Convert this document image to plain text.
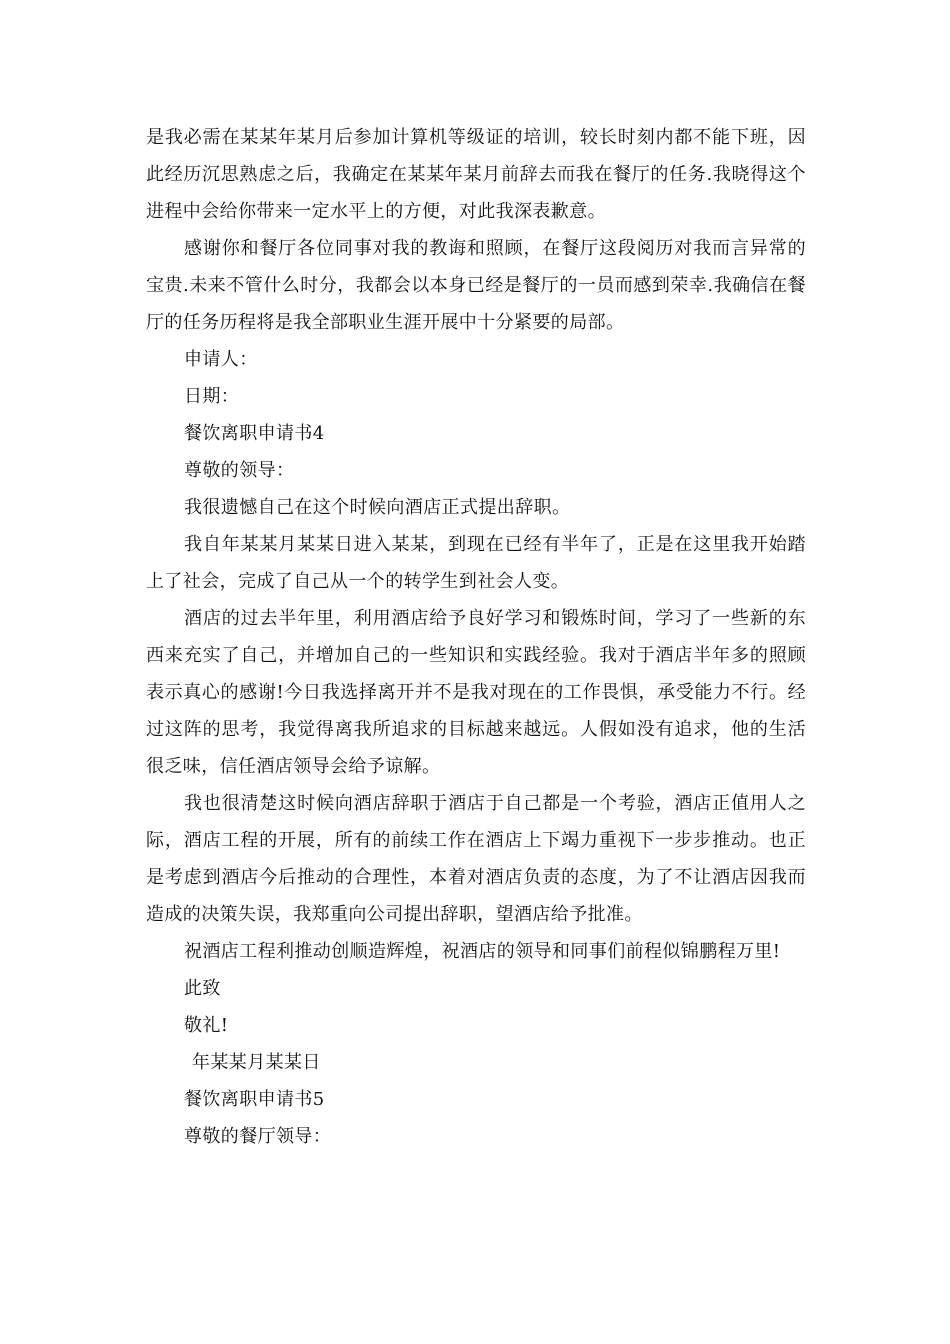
是我必需在某某年某月后参加计算机等级证的培训，较长时刻内都不能下班，因此经历沉思熟虑之后，我确定在某某年某月前辞去而我在餐厅的任务.我晓得这个进程中会给你带来一定水平上的方便，对此我深表歉意。

感谢你和餐厅各位同事对我的教诲和照顾，在餐厅这段阅历对我而言异常的宝贵.未来不管什么时分，我都会以本身已经是餐厅的一员而感到荣幸.我确信在餐厅的任务历程将是我全部职业生涯开展中十分紧要的局部。

申请人：

日期：

餐饮离职申请书4

尊敬的领导：

我很遗憾自己在这个时候向酒店正式提出辞职。

我自年某某月某某日进入某某，到现在已经有半年了，正是在这里我开始踏上了社会，完成了自己从一个的转学生到社会人变。

酒店的过去半年里，利用酒店给予良好学习和锻炼时间，学习了一些新的东西来充实了自己，并增加自己的一些知识和实践经验。我对于酒店半年多的照顾表示真心的感谢!今日我选择离开并不是我对现在的工作畏惧，承受能力不行。经过这阵的思考，我觉得离我所追求的目标越来越远。人假如没有追求，他的生活很乏味，信任酒店领导会给予谅解。

我也很清楚这时候向酒店辞职于酒店于自己都是一个考验，酒店正值用人之际，酒店工程的开展，所有的前续工作在酒店上下竭力重视下一步步推动。也正是考虑到酒店今后推动的合理性，本着对酒店负责的态度，为了不让酒店因我而造成的决策失误，我郑重向公司提出辞职，望酒店给予批准。

祝酒店工程利推动创顺造辉煌，祝酒店的领导和同事们前程似锦鹏程万里!

此致

敬礼!

年某某月某某日

餐饮离职申请书5

尊敬的餐厅领导：
